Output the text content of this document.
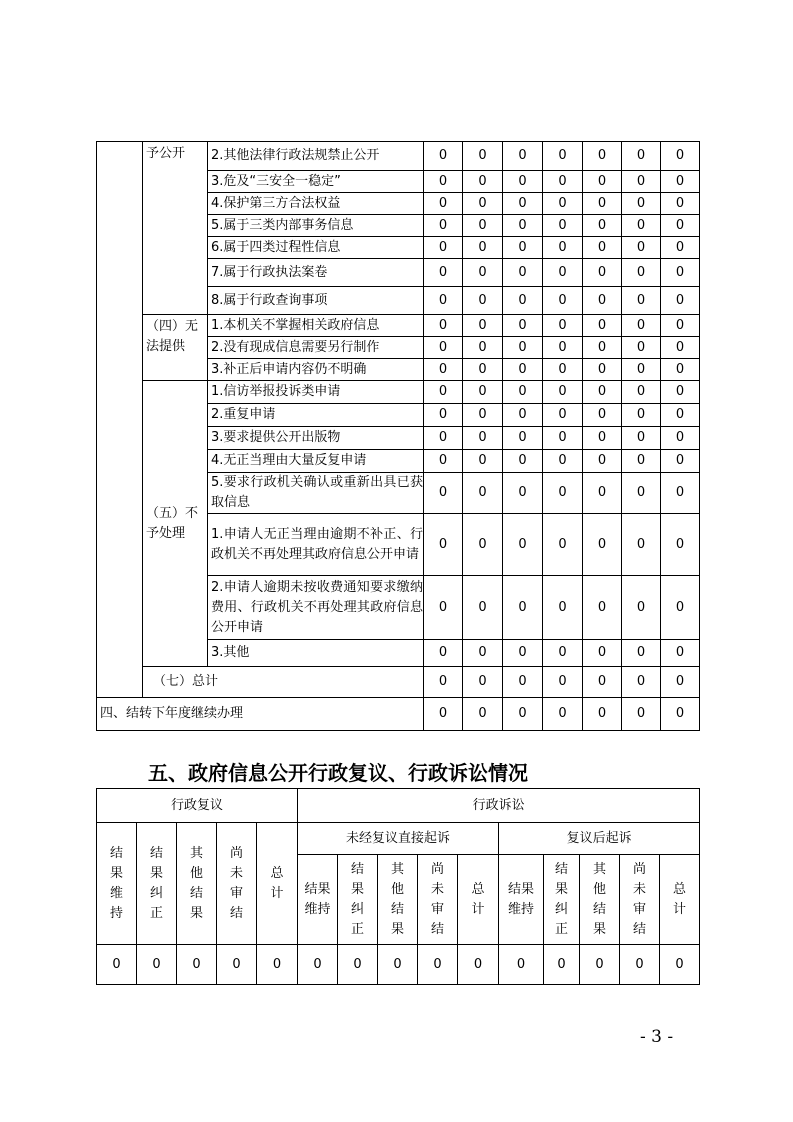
	予公开	2.其他法律行政法规禁止公开	0	0	0	0	0	0	0
		3.危及“三安全一稳定”	0	0	0	0	0	0	0
		4.保护第三方合法权益	0	0	0	0	0	0	0
		5.属于三类内部事务信息	0	0	0	0	0	0	0
		6.属于四类过程性信息	0	0	0	0	0	0	0
		7.属于行政执法案卷	0	0	0	0	0	0	0
		8.属于行政查询事项	0	0	0	0	0	0	0
	（四）无法提供	1.本机关不掌握相关政府信息	0	0	0	0	0	0	0
		2.没有现成信息需要另行制作	0	0	0	0	0	0	0
		3.补正后申请内容仍不明确	0	0	0	0	0	0	0
	（五）不予处理	1.信访举报投诉类申请	0	0	0	0	0	0	0
		2.重复申请	0	0	0	0	0	0	0
		3.要求提供公开出版物	0	0	0	0	0	0	0
		4.无正当理由大量反复申请	0	0	0	0	0	0	0
		5.要求行政机关确认或重新出具已获取信息	0	0	0	0	0	0	0
		1.申请人无正当理由逾期不补正、行政机关不再处理其政府信息公开申请	0	0	0	0	0	0	0
		2.申请人逾期未按收费通知要求缴纳费用、行政机关不再处理其政府信息公开申请	0	0	0	0	0	0	0
		3.其他	0	0	0	0	0	0	0
	（七）总计		0	0	0	0	0	0	0
四、结转下年度继续办理			0	0	0	0	0	0	0
五、政府信息公开行政复议、行政诉讼情况
行政复议					行政诉讼									

结果维持	结果纠正	其他结果	尚未审结	总计	未经复议直接起诉					复议后起诉				

					结果维持	结果纠正	其他结果	尚未审结	总计	结果维持	结果纠正	其他结果	尚未审结	总计

0	0	0	0	0	0	0	0	0	0	0	0	0	0	0
- 3 -
